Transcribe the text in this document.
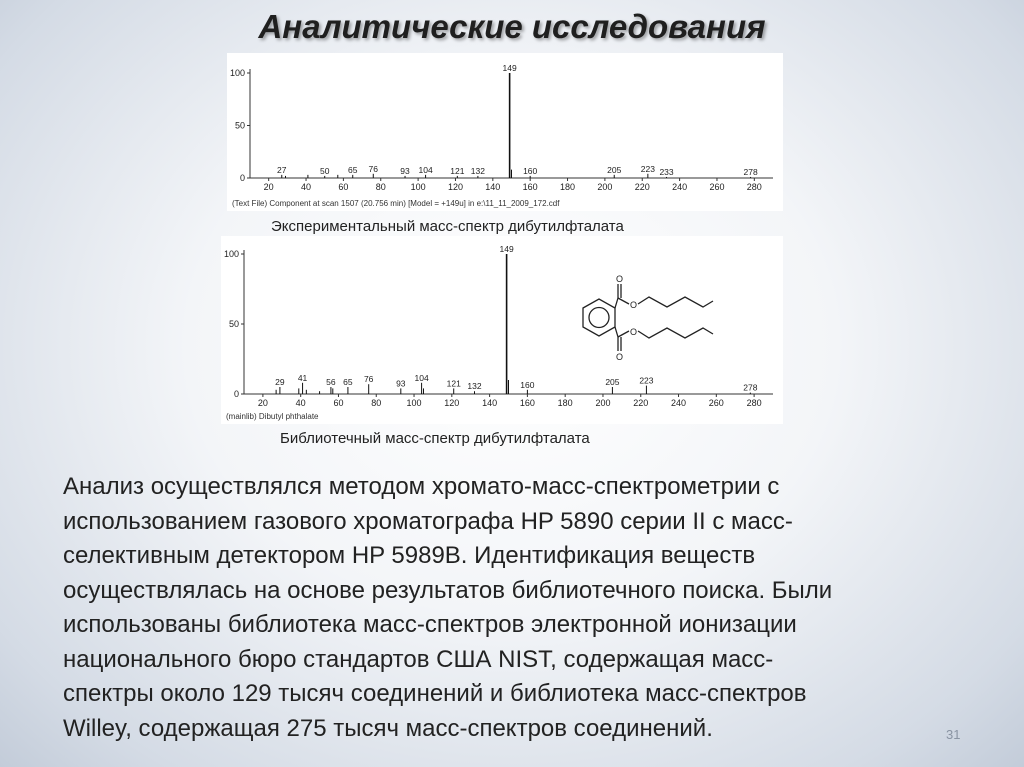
Аналитические исследования
20	40	60	80	100 120 140 160 180 200 220 240 260 280
0
50
100
27	50 65 76	93 104 121 132
149
160	205 223 233	278
(Text File) Component at scan 1507 (20.756 min) [Model = +149u] in e:\11_11_2009_172.cdf
Экспериментальный масс-спектр дибутилфталата
20	40	60	80	100	120	140	160	180	200	220	240	260	280
0
50
100
29 41 56 65 76	93
104
121 132
149
160	205 223
278
O
O
O
O
(mainlib) Dibutyl phthalate
Библиотечный масс-спектр дибутилфталата
Анализ осуществлялся методом хромато-масс-спектрометрии с
использованием газового хроматографа HP 5890 серии II с масс-
селективным детектором HP 5989B. Идентификация веществ
осуществлялась на основе результатов библиотечного поиска. Были
использованы библиотека масс-спектров электронной ионизации
национального бюро стандартов США NIST, содержащая масс-
спектры около 129 тысяч соединений и библиотека масс-спектров
Willey, содержащая 275 тысяч масс-спектров соединений.	31
